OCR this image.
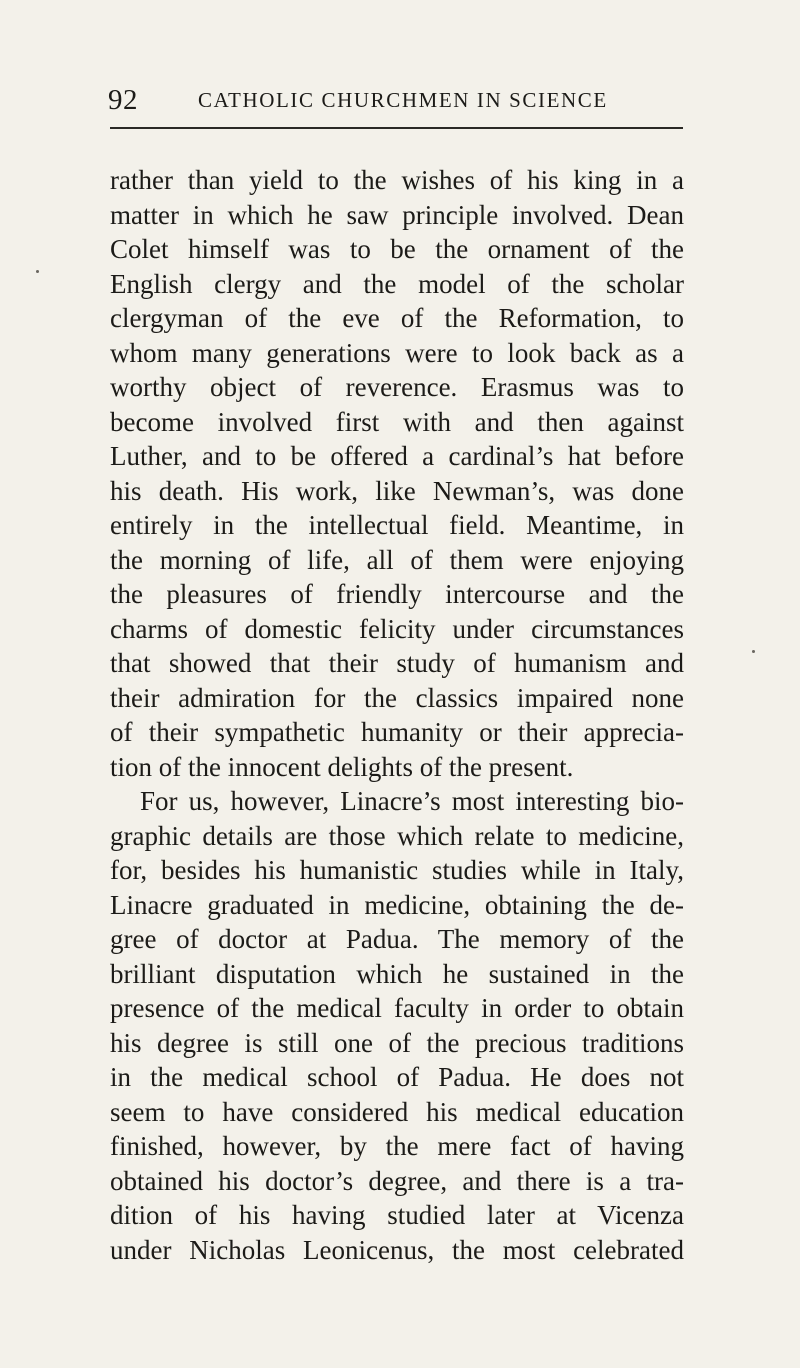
92	CATHOLIC CHURCHMEN IN SCIENCE
rather than yield to the wishes of his king in a
matter in which he saw principle involved. Dean
Colet himself was to be the ornament of the
English clergy and the model of the scholar
clergyman of the eve of the Reformation, to
whom many generations were to look back as a
worthy object of reverence. Erasmus was to
become involved first with and then against
Luther, and to be offered a cardinal’s hat before
his death. His work, like Newman’s, was done
entirely in the intellectual field. Meantime, in
the morning of life, all of them were enjoying
the pleasures of friendly intercourse and the
charms of domestic felicity under circumstances
that showed that their study of humanism and
their admiration for the classics impaired none
of their sympathetic humanity or their apprecia-
tion of the innocent delights of the present.
For us, however, Linacre’s most interesting bio-
graphic details are those which relate to medicine,
for, besides his humanistic studies while in Italy,
Linacre graduated in medicine, obtaining the de-
gree of doctor at Padua. The memory of the
brilliant disputation which he sustained in the
presence of the medical faculty in order to obtain
his degree is still one of the precious traditions
in the medical school of Padua. He does not
seem to have considered his medical education
finished, however, by the mere fact of having
obtained his doctor’s degree, and there is a tra-
dition of his having studied later at Vicenza
under Nicholas Leonicenus, the most celebrated
